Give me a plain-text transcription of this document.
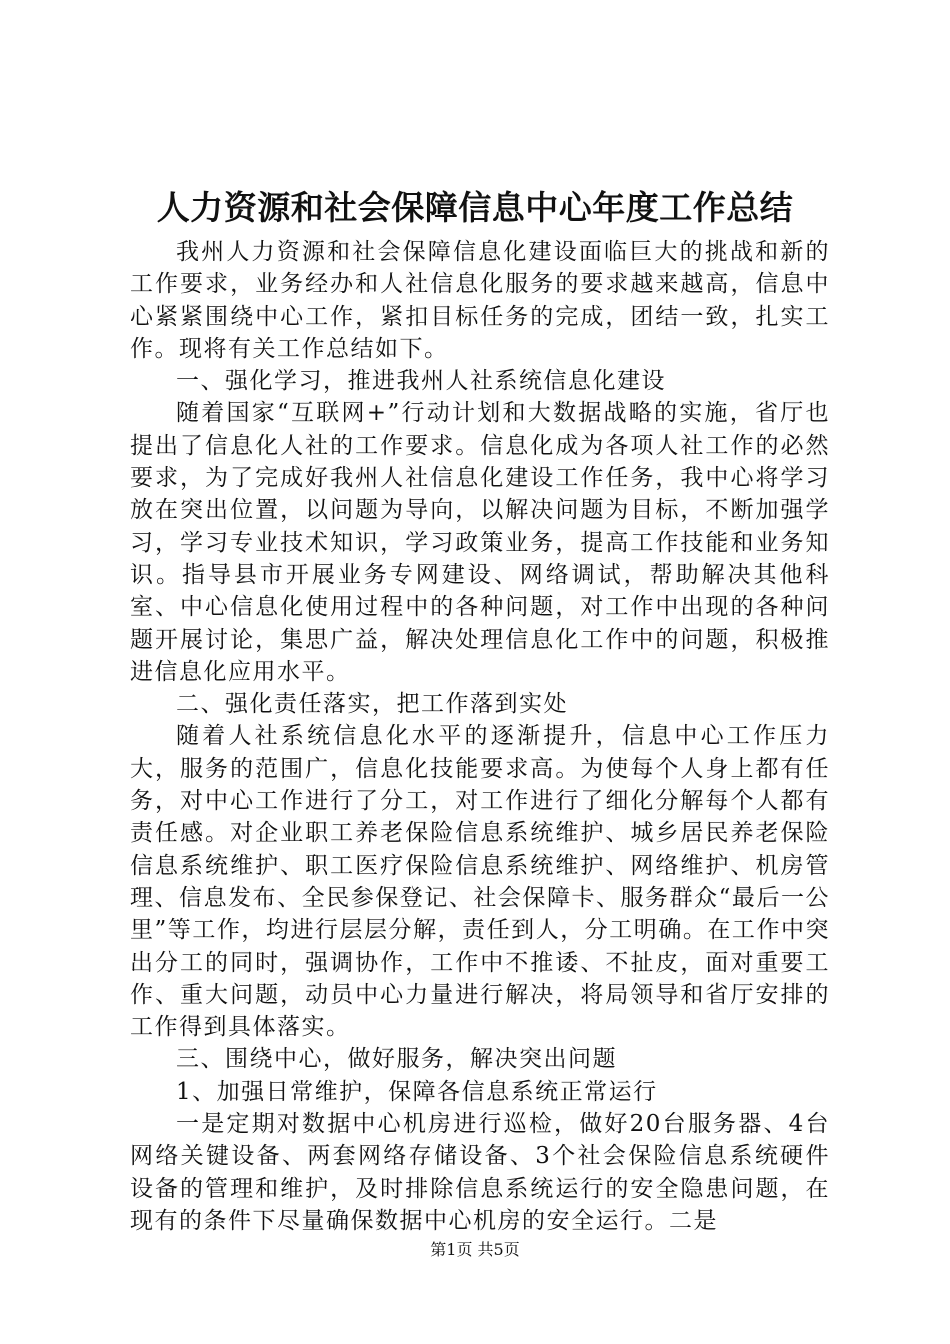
人力资源和社会保障信息中心年度工作总结

我州人力资源和社会保障信息化建设面临巨大的挑战和新的工作要求，业务经办和人社信息化服务的要求越来越高，信息中心紧紧围绕中心工作，紧扣目标任务的完成，团结一致，扎实工作。现将有关工作总结如下。

一、强化学习，推进我州人社系统信息化建设

随着国家“互联网+”行动计划和大数据战略的实施，省厅也提出了信息化人社的工作要求。信息化成为各项人社工作的必然要求，为了完成好我州人社信息化建设工作任务，我中心将学习放在突出位置，以问题为导向，以解决问题为目标，不断加强学习，学习专业技术知识，学习政策业务，提高工作技能和业务知识。指导县市开展业务专网建设、网络调试，帮助解决其他科室、中心信息化使用过程中的各种问题，对工作中出现的各种问题开展讨论，集思广益，解决处理信息化工作中的问题，积极推进信息化应用水平。

二、强化责任落实，把工作落到实处

随着人社系统信息化水平的逐渐提升，信息中心工作压力大，服务的范围广，信息化技能要求高。为使每个人身上都有任务，对中心工作进行了分工，对工作进行了细化分解每个人都有责任感。对企业职工养老保险信息系统维护、城乡居民养老保险信息系统维护、职工医疗保险信息系统维护、网络维护、机房管理、信息发布、全民参保登记、社会保障卡、服务群众“最后一公里”等工作，均进行层层分解，责任到人，分工明确。在工作中突出分工的同时，强调协作，工作中不推诿、不扯皮，面对重要工作、重大问题，动员中心力量进行解决，将局领导和省厅安排的工作得到具体落实。

三、围绕中心，做好服务，解决突出问题

1、加强日常维护，保障各信息系统正常运行

一是定期对数据中心机房进行巡检，做好20台服务器、4台网络关键设备、两套网络存储设备、3个社会保险信息系统硬件设备的管理和维护，及时排除信息系统运行的安全隐患问题，在现有的条件下尽量确保数据中心机房的安全运行。二是

第1页 共5页
